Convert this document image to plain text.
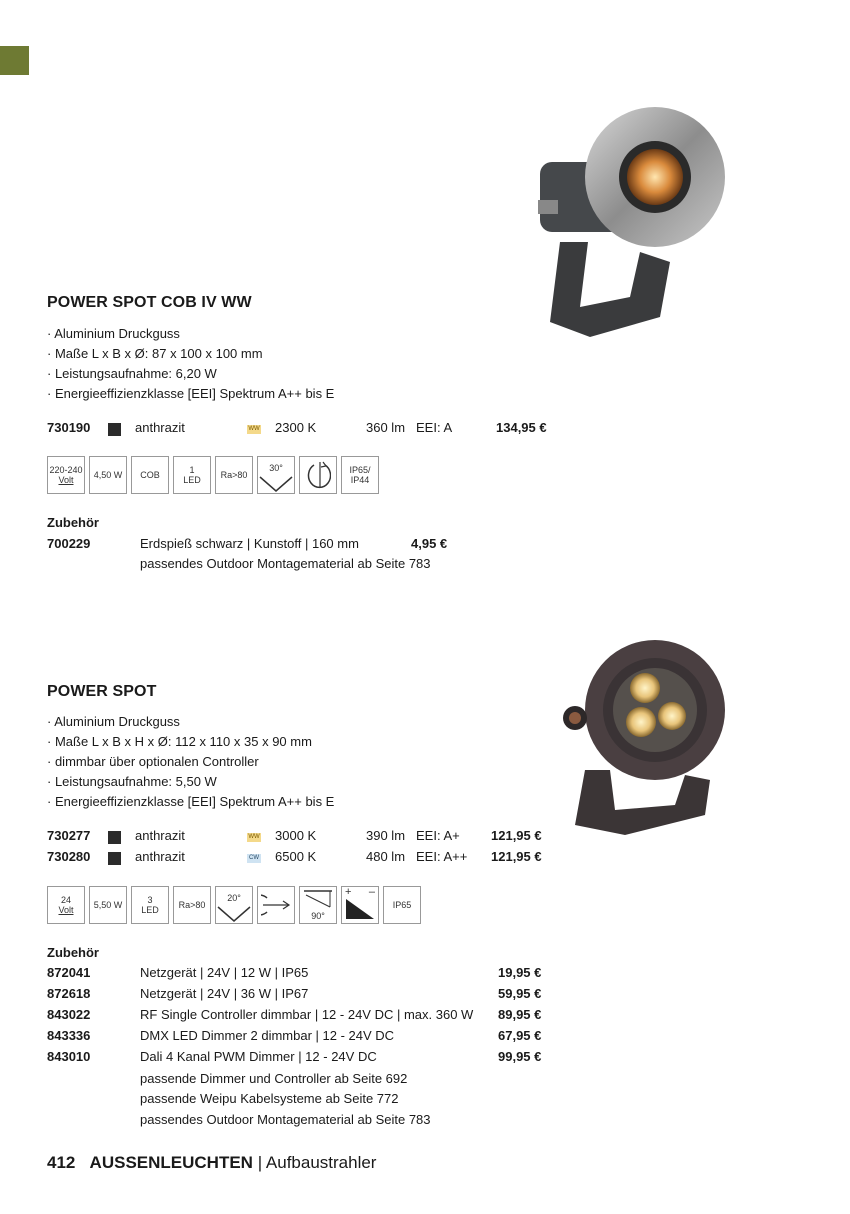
POWER SPOT COB IV WW
· Aluminium Druckguss
· Maße L x B x Ø: 87 x 100 x 100 mm
· Leistungsaufnahme: 6,20 W
· Energieeffizienzklasse [EEI] Spektrum A++ bis E
730190	anthrazit	WW 2300 K	360 lm EEI: A	134,95 €
220-240
Volt	4,50 W COB	1
LED Ra>80
30°	IP65/
IP44
Zubehör
700229	Erdspieß schwarz | Kunstoff | 160 mm	4,95 €
passendes Outdoor Montagematerial ab Seite 783
POWER SPOT
· Aluminium Druckguss
· Maße L x B x H x Ø: 112 x 110 x 35 x 90 mm
· dimmbar über optionalen Controller
· Leistungsaufnahme: 5,50 W
· Energieeffizienzklasse [EEI] Spektrum A++ bis E
730277	anthrazit	WW 3000 K	390 lm EEI: A+ 121,95 €
730280	anthrazit	CW 6500 K	480 lm EEI: A++ 121,95 €
24
Volt 5,50 W	3
LED Ra>80
20°
90°
+ –
IP65
Zubehör
872041	Netzgerät | 24V | 12 W | IP65	19,95 €
872618	Netzgerät | 24V | 36 W | IP67	59,95 €
843022	RF Single Controller dimmbar | 12 - 24V DC | max. 360 W 89,95 €
843336	DMX LED Dimmer 2 dimmbar | 12 - 24V DC	67,95 €
843010	Dali 4 Kanal PWM Dimmer | 12 - 24V DC	99,95 €
passende Dimmer und Controller ab Seite 692
passende Weipu Kabelsysteme ab Seite 772
passendes Outdoor Montagematerial ab Seite 783
412 AUSSENLEUCHTEN | Aufbaustrahler
